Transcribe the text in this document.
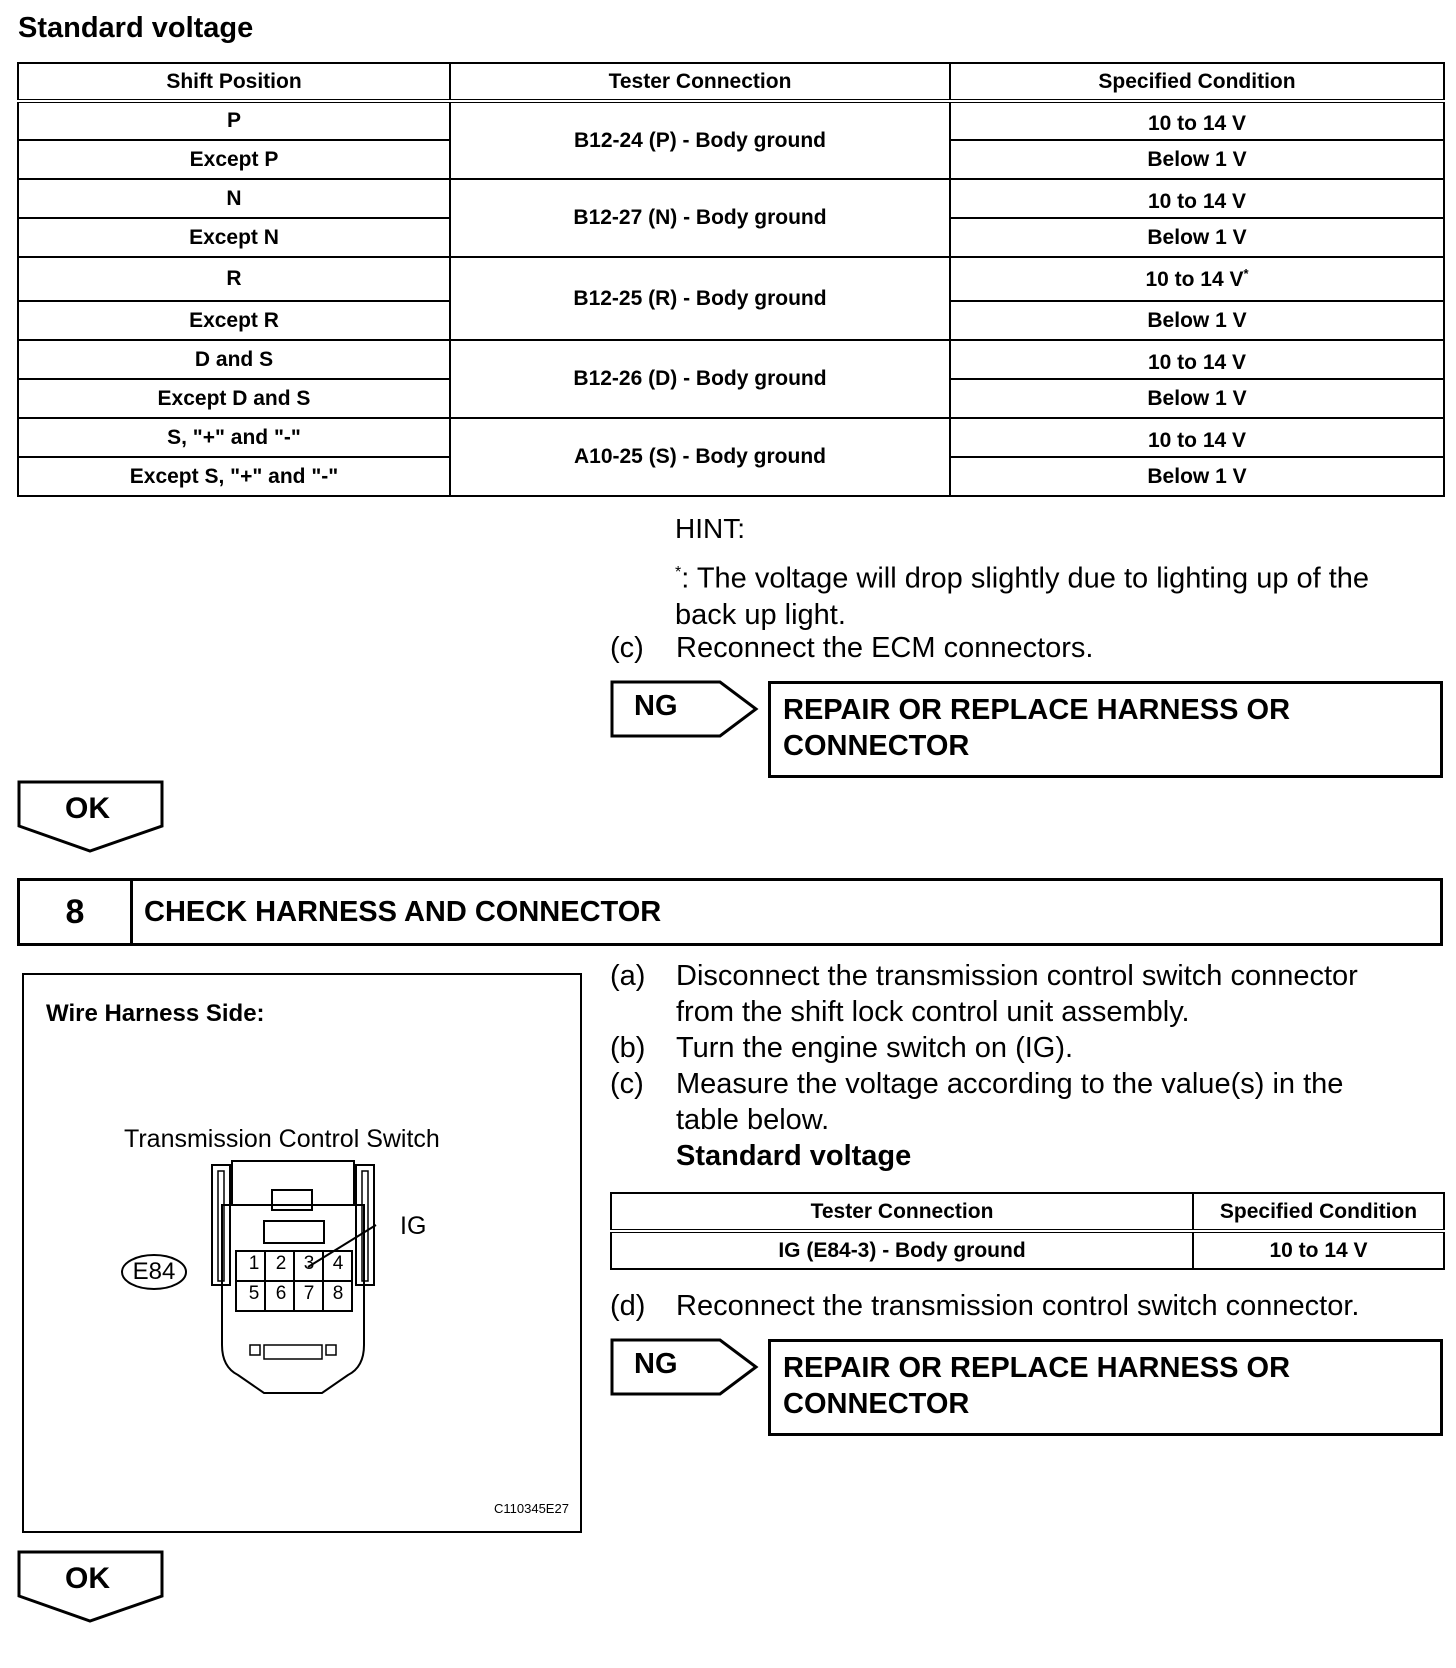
Standard voltage
Shift Position	Tester Connection	Specified Condition
P	B12-24 (P) - Body ground	10 to 14 V
Except P		Below 1 V
N	B12-27 (N) - Body ground	10 to 14 V
Except N		Below 1 V
R	B12-25 (R) - Body ground	10 to 14 V*
Except R		Below 1 V
D and S	B12-26 (D) - Body ground	10 to 14 V
Except D and S		Below 1 V
S, "+" and "-"	A10-25 (S) - Body ground	10 to 14 V
Except S, "+" and "-"		Below 1 V
HINT:
*: The voltage will drop slightly due to lighting up of the
back up light.
(c) Reconnect the ECM connectors.
NG	REPAIR OR REPLACE HARNESS OR
CONNECTOR
OK
8	CHECK HARNESS AND CONNECTOR
Wire Harness Side:
Transmission Control Switch
1 2 3 4
5 6 7 8
IG
E84
C110345E27
(a) Disconnect the transmission control switch connector
from the shift lock control unit assembly.
(b) Turn the engine switch on (IG).
(c) Measure the voltage according to the value(s) in the
table below.
Standard voltage
Tester Connection	Specified Condition
IG (E84-3) - Body ground	10 to 14 V
(d) Reconnect the transmission control switch connector.
NG	REPAIR OR REPLACE HARNESS OR
CONNECTOR
OK
